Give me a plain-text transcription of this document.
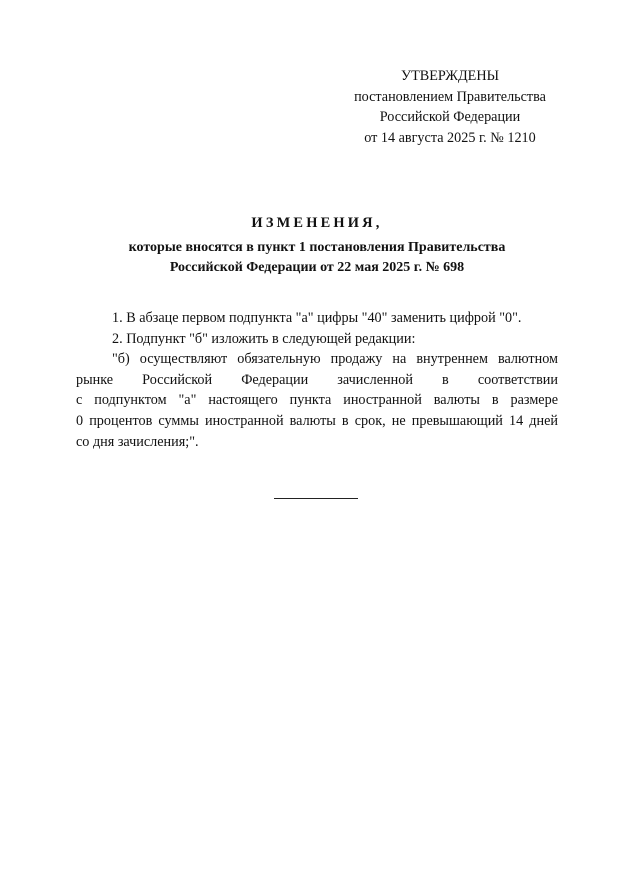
УТВЕРЖДЕНЫ
постановлением Правительства
Российской Федерации
от 14 августа 2025 г. № 1210
ИЗМЕНЕНИЯ,
которые вносятся в пункт 1 постановления Правительства
Российской Федерации от 22 мая 2025 г. № 698

1. В абзаце первом подпункта "а" цифры "40" заменить цифрой "0".

2. Подпункт "б" изложить в следующей редакции:

"б) осуществляют обязательную продажу на внутреннем валютном
рынке Российской Федерации зачисленной в соответствии
с подпунктом "а" настоящего пункта иностранной валюты в размере
0 процентов суммы иностранной валюты в срок, не превышающий 14 дней
со дня зачисления;".
